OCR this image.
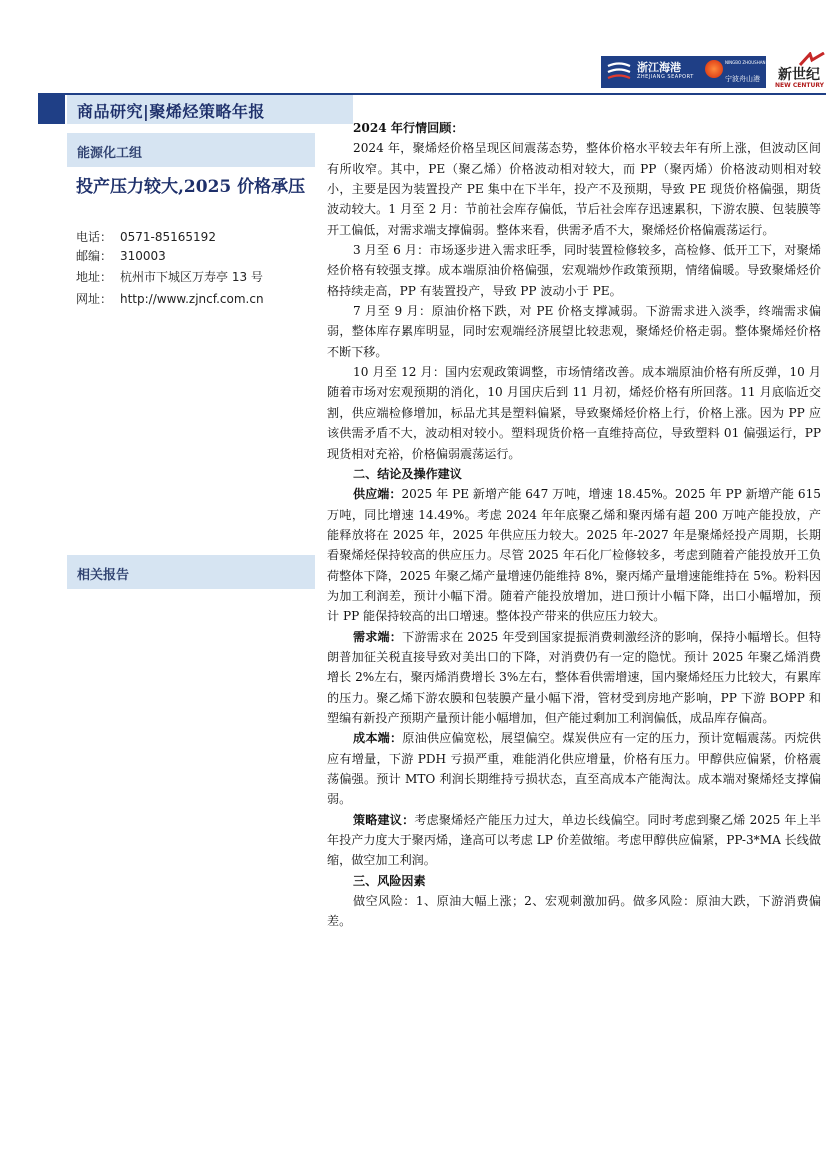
浙江海港
ZHEJIANG SEAPORT
NINGBO ZHOUSHAN PORT
宁波舟山港 新世纪
NEW CENTURY
商品研究|聚烯烃策略年报
能源化工组
投产压力较大,2025 价格承压
电话： 0571-85165192
邮编： 310003
地址： 杭州市下城区万寿亭 13 号
网址： http://www.zjncf.com.cn
相关报告

2024 年行情回顾：

2024 年，聚烯烃价格呈现区间震荡态势，整体价格水平较去年有所上涨，但波动区间有所收窄。其中，PE（聚乙烯）价格波动相对较大，而 PP（聚丙烯）价格波动则相对较小，主要是因为装置投产 PE 集中在下半年，投产不及预期，导致 PE 现货价格偏强，期货波动较大。1 月至 2 月：节前社会库存偏低，节后社会库存迅速累积，下游农膜、包装膜等开工偏低，对需求端支撑偏弱。整体来看，供需矛盾不大，聚烯烃价格偏震荡运行。

3 月至 6 月：市场逐步进入需求旺季，同时装置检修较多，高检修、低开工下，对聚烯烃价格有较强支撑。成本端原油价格偏强，宏观端炒作政策预期，情绪偏暖。导致聚烯烃价格持续走高，PP 有装置投产，导致 PP 波动小于 PE。

7 月至 9 月：原油价格下跌，对 PE 价格支撑减弱。下游需求进入淡季，终端需求偏弱，整体库存累库明显，同时宏观端经济展望比较悲观，聚烯烃价格走弱。整体聚烯烃价格不断下移。

10 月至 12 月：国内宏观政策调整，市场情绪改善。成本端原油价格有所反弹，10 月随着市场对宏观预期的消化，10 月国庆后到 11 月初，烯烃价格有所回落。11 月底临近交割，供应端检修增加，标品尤其是塑料偏紧，导致聚烯烃价格上行，价格上涨。因为 PP 应该供需矛盾不大，波动相对较小。塑料现货价格一直维持高位，导致塑料 01 偏强运行，PP 现货相对充裕，价格偏弱震荡运行。

二、结论及操作建议

供应端：2025 年 PE 新增产能 647 万吨，增速 18.45%。2025 年 PP 新增产能 615 万吨，同比增速 14.49%。考虑 2024 年年底聚乙烯和聚丙烯有超 200 万吨产能投放，产能释放将在 2025 年，2025 年供应压力较大。2025 年-2027 年是聚烯烃投产周期，长期看聚烯烃保持较高的供应压力。尽管 2025 年石化厂检修较多，考虑到随着产能投放开工负荷整体下降，2025 年聚乙烯产量增速仍能维持 8%，聚丙烯产量增速能维持在 5%。粉料因为加工利润差，预计小幅下滑。随着产能投放增加，进口预计小幅下降，出口小幅增加，预计 PP 能保持较高的出口增速。整体投产带来的供应压力较大。

需求端：下游需求在 2025 年受到国家提振消费刺激经济的影响，保持小幅增长。但特朗普加征关税直接导致对美出口的下降，对消费仍有一定的隐忧。预计 2025 年聚乙烯消费增长 2%左右，聚丙烯消费增长 3%左右，整体看供需增速，国内聚烯烃压力比较大，有累库的压力。聚乙烯下游农膜和包装膜产量小幅下滑，管材受到房地产影响，PP 下游 BOPP 和塑编有新投产预期产量预计能小幅增加，但产能过剩加工利润偏低，成品库存偏高。

成本端：原油供应偏宽松，展望偏空。煤炭供应有一定的压力，预计宽幅震荡。丙烷供应有增量，下游 PDH 亏损严重，难能消化供应增量，价格有压力。甲醇供应偏紧，价格震荡偏强。预计 MTO 利润长期维持亏损状态，直至高成本产能淘汰。成本端对聚烯烃支撑偏弱。

策略建议：考虑聚烯烃产能压力过大，单边长线偏空。同时考虑到聚乙烯 2025 年上半年投产力度大于聚丙烯，逢高可以考虑 LP 价差做缩。考虑甲醇供应偏紧，PP-3*MA 长线做缩，做空加工利润。

三、风险因素

做空风险：1、原油大幅上涨；2、宏观刺激加码。做多风险：原油大跌，下游消费偏差。
